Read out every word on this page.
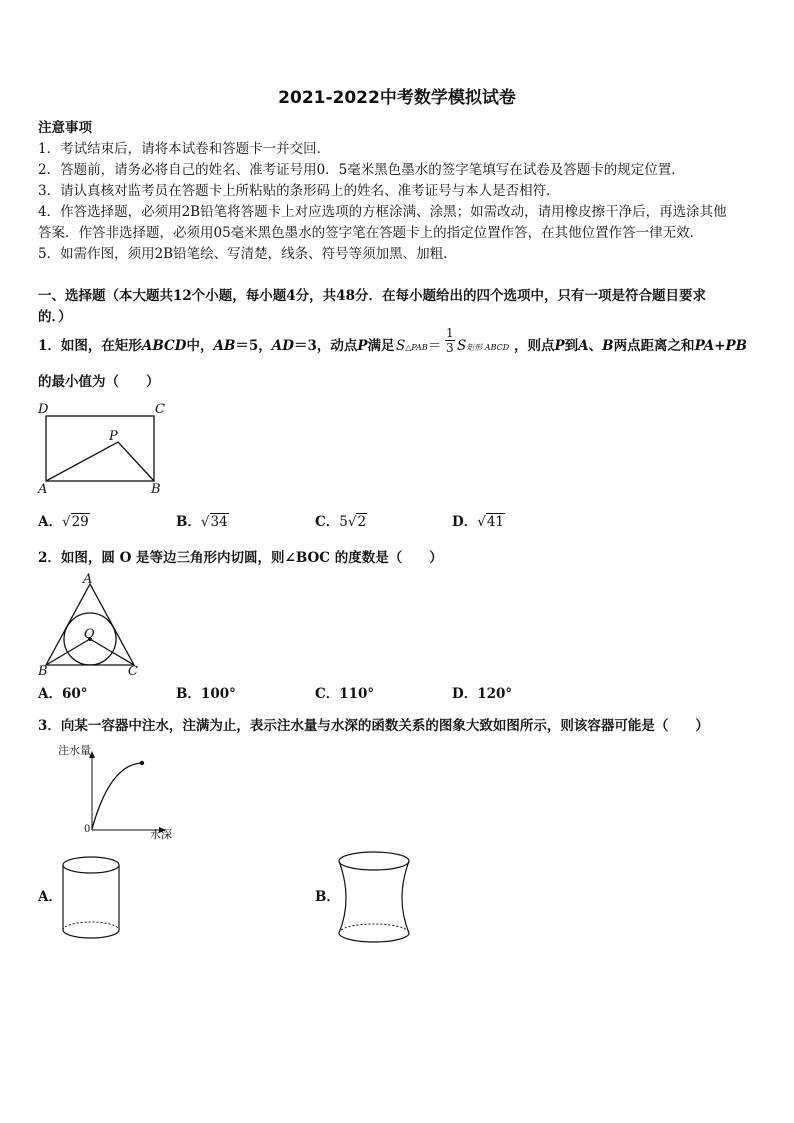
2021-2022中考数学模拟试卷
注意事项
1．考试结束后，请将本试卷和答题卡一并交回．
2．答题前，请务必将自己的姓名、准考证号用0．5毫米黑色墨水的签字笔填写在试卷及答题卡的规定位置．
3．请认真核对监考员在答题卡上所粘贴的条形码上的姓名、准考证号与本人是否相符．
4．作答选择题，必须用2B铅笔将答题卡上对应选项的方框涂满、涂黑；如需改动，请用橡皮擦干净后，再选涂其他
答案．作答非选择题，必须用05毫米黑色墨水的签字笔在答题卡上的指定位置作答，在其他位置作答一律无效．
5．如需作图，须用2B铅笔绘、写清楚，线条、符号等须加黑、加粗．
一、选择题（本大题共12个小题，每小题4分，共48分．在每小题给出的四个选项中，只有一项是符合题目要求
的．）
1．如图，在矩形ABCD中，AB＝5，AD＝3，动点P满足 S△PAB＝ $\frac{1}{3}$ S矩形 ABCD ，则点P到A、B两点距离之和PA+PB
的最小值为（　　）
D	C
P
A	B
A．√29	B．√34	C．5√2	D．√41
2．如图，圆 O 是等边三角形内切圆，则∠BOC 的度数是（　　）
A
O
B	C
A．60°	B．100°	C．110°	D．120°
3．向某一容器中注水，注满为止，表示注水量与水深的函数关系的图象大致如图所示，则该容器可能是（　　）
注水量
水深
0
A．	B．
